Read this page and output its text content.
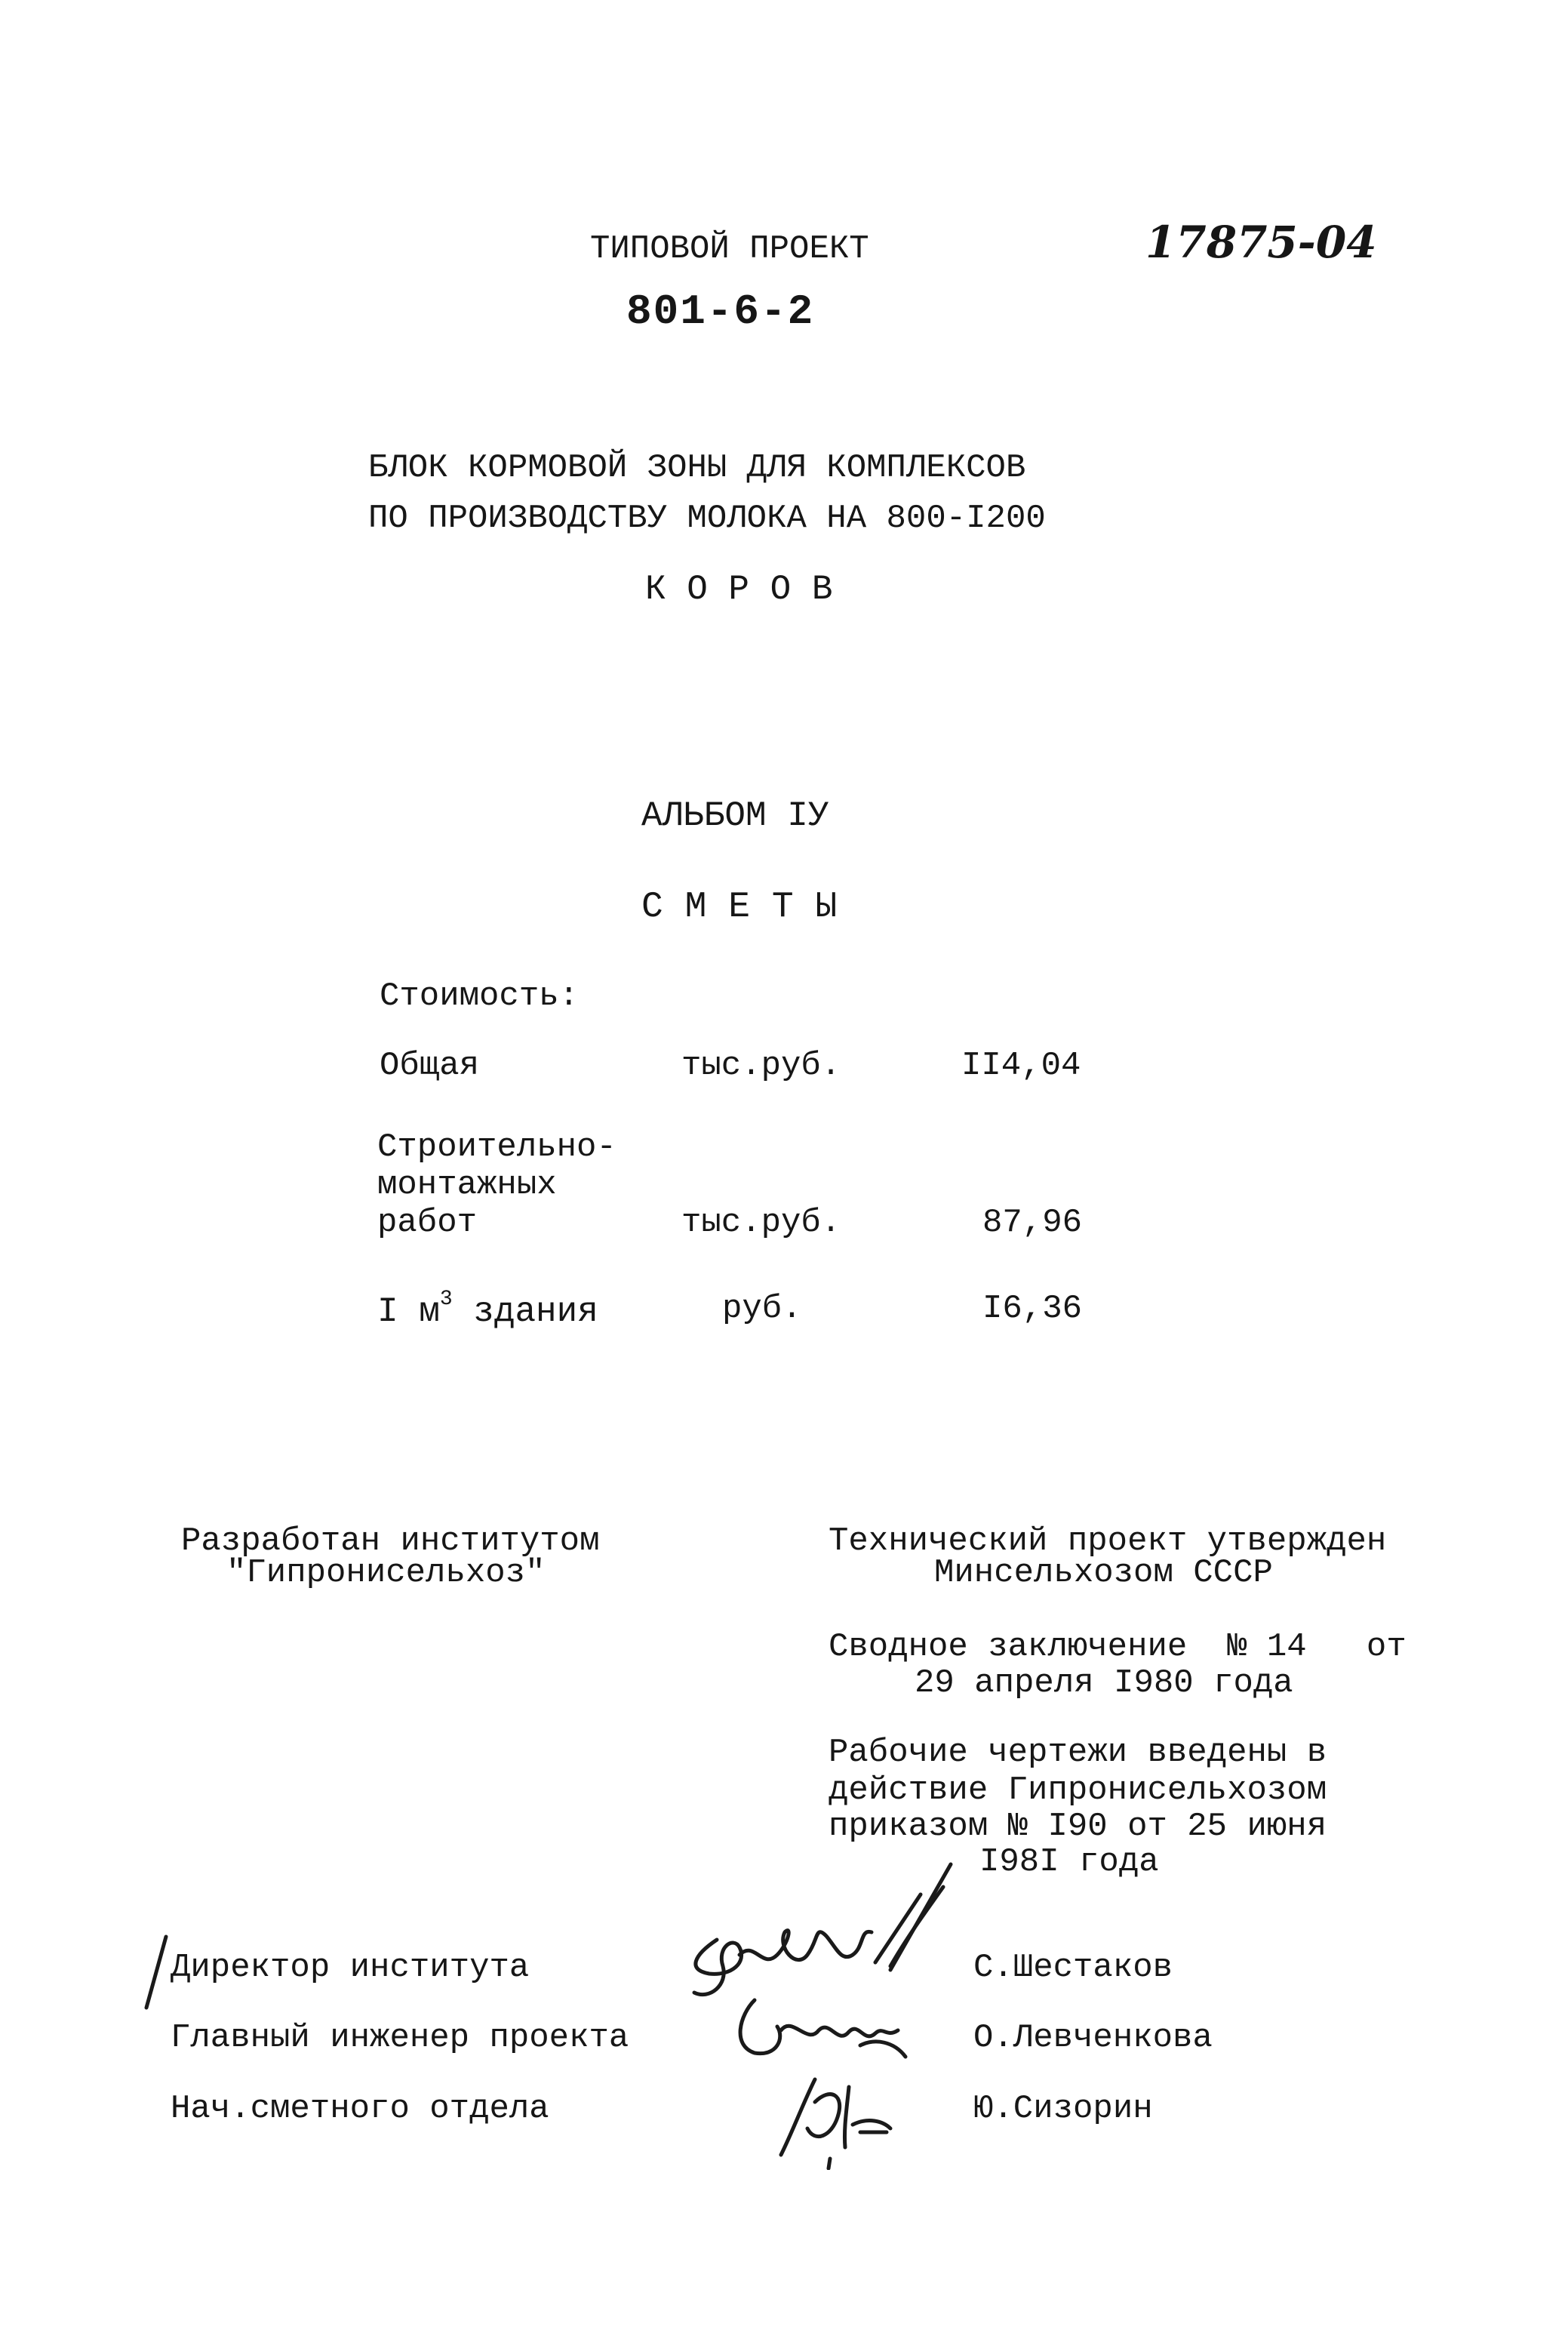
ТИПОВОЙ ПРОЕКТ
801-6-2
17875-04
БЛОК КОРМОВОЙ ЗОНЫ ДЛЯ КОМПЛЕКСОВ
ПО ПРОИЗВОДСТВУ МОЛОКА НА 800-I200
К О Р О В
АЛЬБОМ IУ
С М Е Т Ы
Стоимость:
Общая	тыс.руб.	II4,04
Строительно-
монтажных
работ	тыс.руб.	87,96
I $м^3$ здания	руб.	I6,36
Разработан институтом
"Гипронисельхоз"
Технический проект утвержден
Минсельхозом СССР
Сводное заключение  № 14   от
29 апреля I980 года
Рабочие чертежи введены в
действие Гипронисельхозом
приказом № I90 от 25 июня
I98I года
Директор института	С.Шестаков
Главный инженер проекта	О.Левченкова
Нач.сметного отдела	Ю.Сизорин
